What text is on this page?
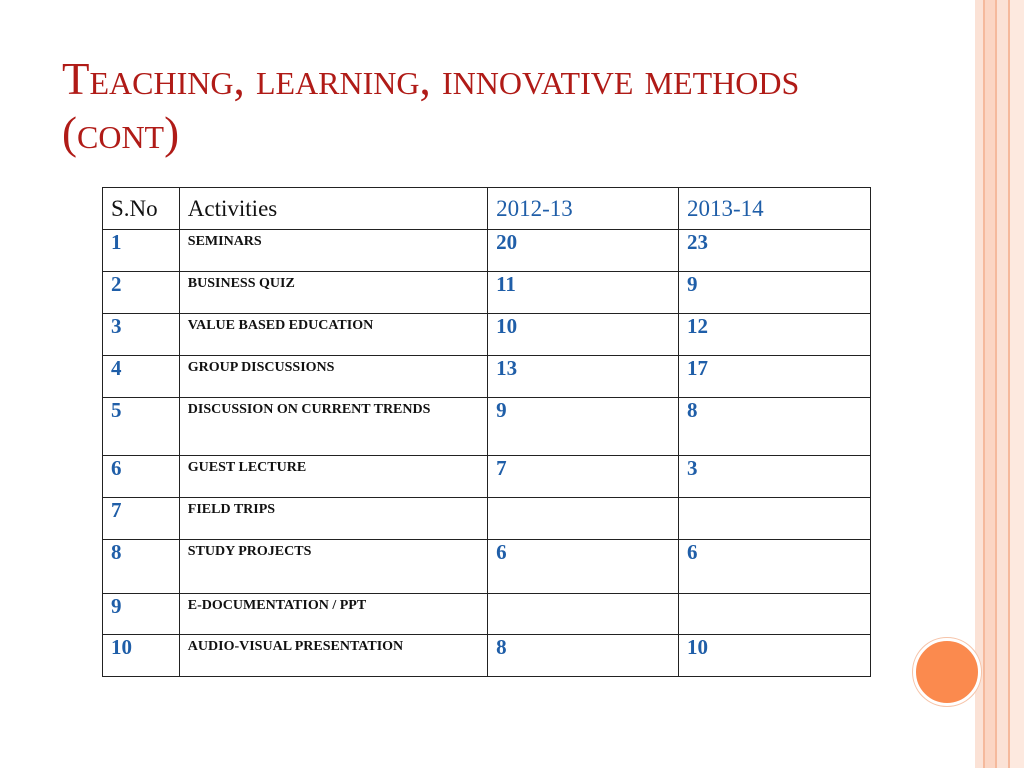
Teaching, learning, innovative methods (cont)
S.No	Activities	2012-13	2013-14
1	SEMINARS	20	23
2	BUSINESS QUIZ	11	9
3	VALUE BASED EDUCATION	10	12
4	GROUP DISCUSSIONS	13	17
5	DISCUSSION ON CURRENT TRENDS	9	8
6	GUEST LECTURE	7	3
7	FIELD TRIPS		
8	STUDY PROJECTS	6	6
9	E-DOCUMENTATION / PPT		
10	AUDIO-VISUAL PRESENTATION	8	10
